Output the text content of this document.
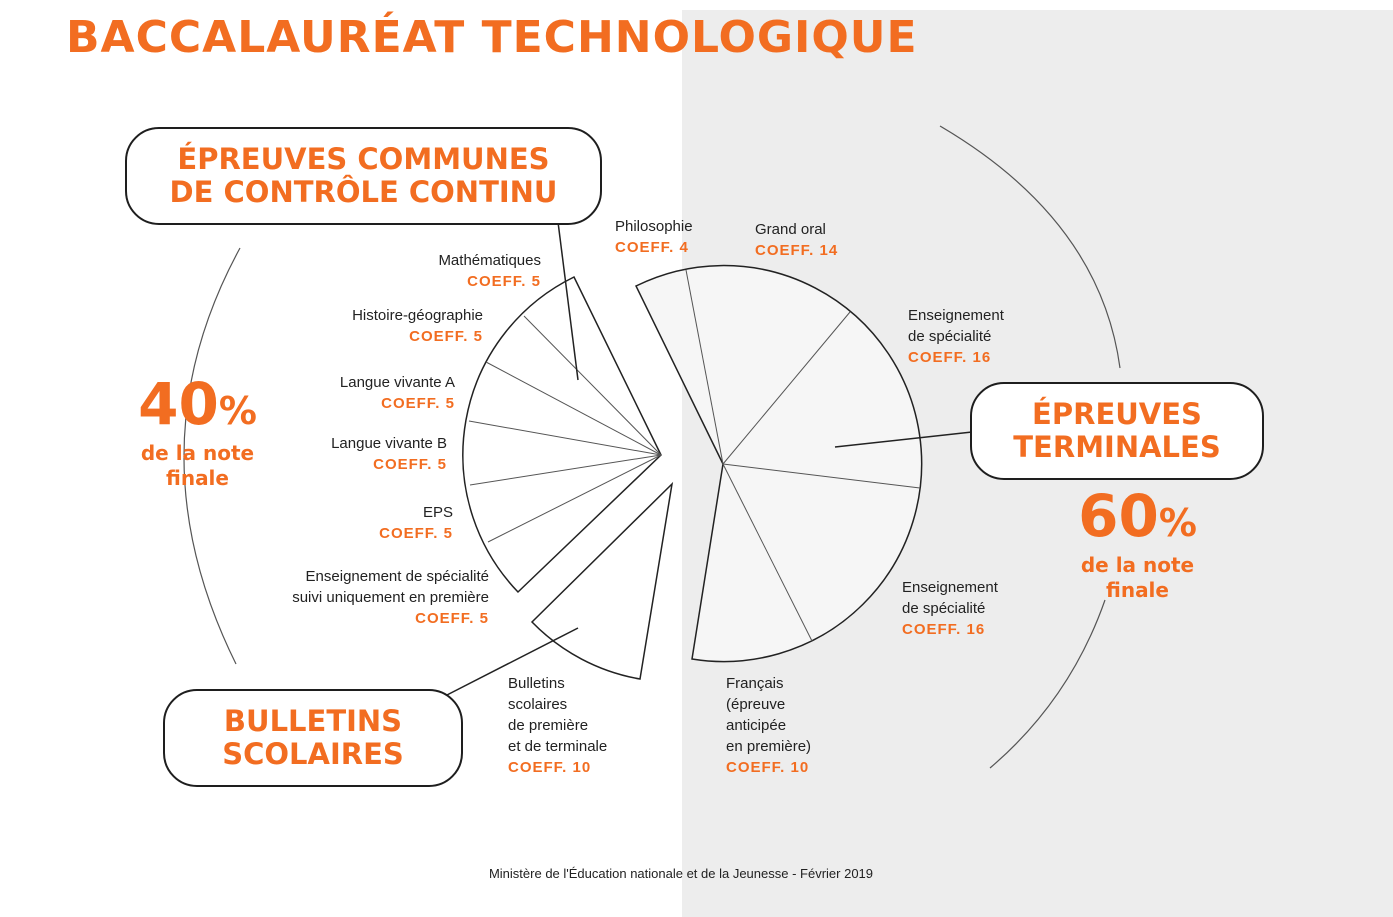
BACCALAURÉAT TECHNOLOGIQUE
ÉPREUVES COMMUNES
DE CONTRÔLE CONTINU
BULLETINS
SCOLAIRES
ÉPREUVES
TERMINALES
40%
de la note
finale
60%
de la note
finale
Mathématiques
COEFF. 5
Histoire-géographie
COEFF. 5
Langue vivante A
COEFF. 5
Langue vivante B
COEFF. 5
EPS
COEFF. 5
Enseignement de spécialité
suivi uniquement en première
COEFF. 5
Bulletins
scolaires
de première
et de terminale
COEFF. 10
Philosophie
COEFF. 4
Grand oral
COEFF. 14
Enseignement
de spécialité
COEFF. 16
Enseignement
de spécialité
COEFF. 16
Français
(épreuve
anticipée
en première)
COEFF. 10
Ministère de l'Éducation nationale et de la Jeunesse - Février 2019
